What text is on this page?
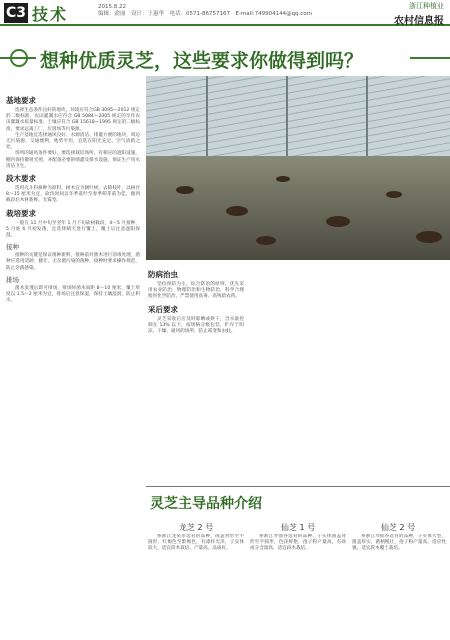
C3 技术	2015.8.22
编辑：俞丽　设计：王惠华　电话：0571-86757167　E-mail:749904144@qq.com
浙江种植业
农村信息报
想种优质灵芝，这些要求你做得到吗？
基地要求

选择生态条件良好的地块，环境应符合GB 3095—2012 规定的二级标准，农田灌溉水应符合 GB 5084—2005 规定的旱作农田灌溉水质量标准，土壤应符合 GB 15618—1995 规定的二级标准，要求远离工厂、垃圾场等污染源。

生产基地宜选择通风良好、水源清洁、排灌方便的地块，周边无污染源，交通便利，地势平坦，宜选在阳光充足、空气清新之处。

场所的通风条件要好，要选择栽培场所，有相应的遮阳设施，棚内保持散射光照，并配备必要的喷灌及排水设施，保证生产用水清洁卫生。

段木要求

选用壳斗科树种为原料，树木宜为阔叶树，去除枝叶，以树径 8～15 厘米为宜，砍伐时间以冬季落叶至春季萌芽前为佳，做到截段后木材新鲜、无霉变。

栽培要求

一般在 11 月中旬至翌年 1 月下旬砍树截段，4～5 月接种，5 月底 6 月初发菌，宜选择晴天进行覆土，覆土后注意遮阳保湿。

接种

接种的关键是保证菌种新鲜，接种前对菌木进行消毒处理，菌种应选用适龄、健壮、无杂菌污染的菌种，接种时要求操作规范，防止杂菌感染。

排场

菌木发透后即可排场，排场时菌木间距 8～10 厘米，覆土厚度以 1.5～2 厘米为宜，排场后注意保湿，保持土壤湿润，防止积水。

防病治虫

坚持预防为主、综合防治的原则，优先采用农业防治、物理防治和生物防治，科学合理使用化学防治，严禁使用高毒、高残留农药。

采后要求

灵芝采收后应及时晾晒或烘干，含水量控制在 13% 以下，按规格分级包装，贮存于阴凉、干燥、通风的场所，防止霉变和虫蛀。

灵芝主导品种介绍
龙芝 2 号	仙芝 1 号	仙芝 2 号

系浙江龙泉市选育的品种，菌盖肾形至半圆形，红褐色至紫褐色，有漆样光泽，子实体较大，适宜段木栽培，产量高，品质好。

系浙江寿仙谷选育的品种，子实体菌盖肾形至半圆形，色泽鲜艳，孢子粉产量高，有效成分含量高，适宜段木栽培。

系浙江寿仙谷选育的品种，子实体大型，菌盖厚实，菌柄粗壮，孢子粉产量高，适应性强，适宜段木覆土栽培。
